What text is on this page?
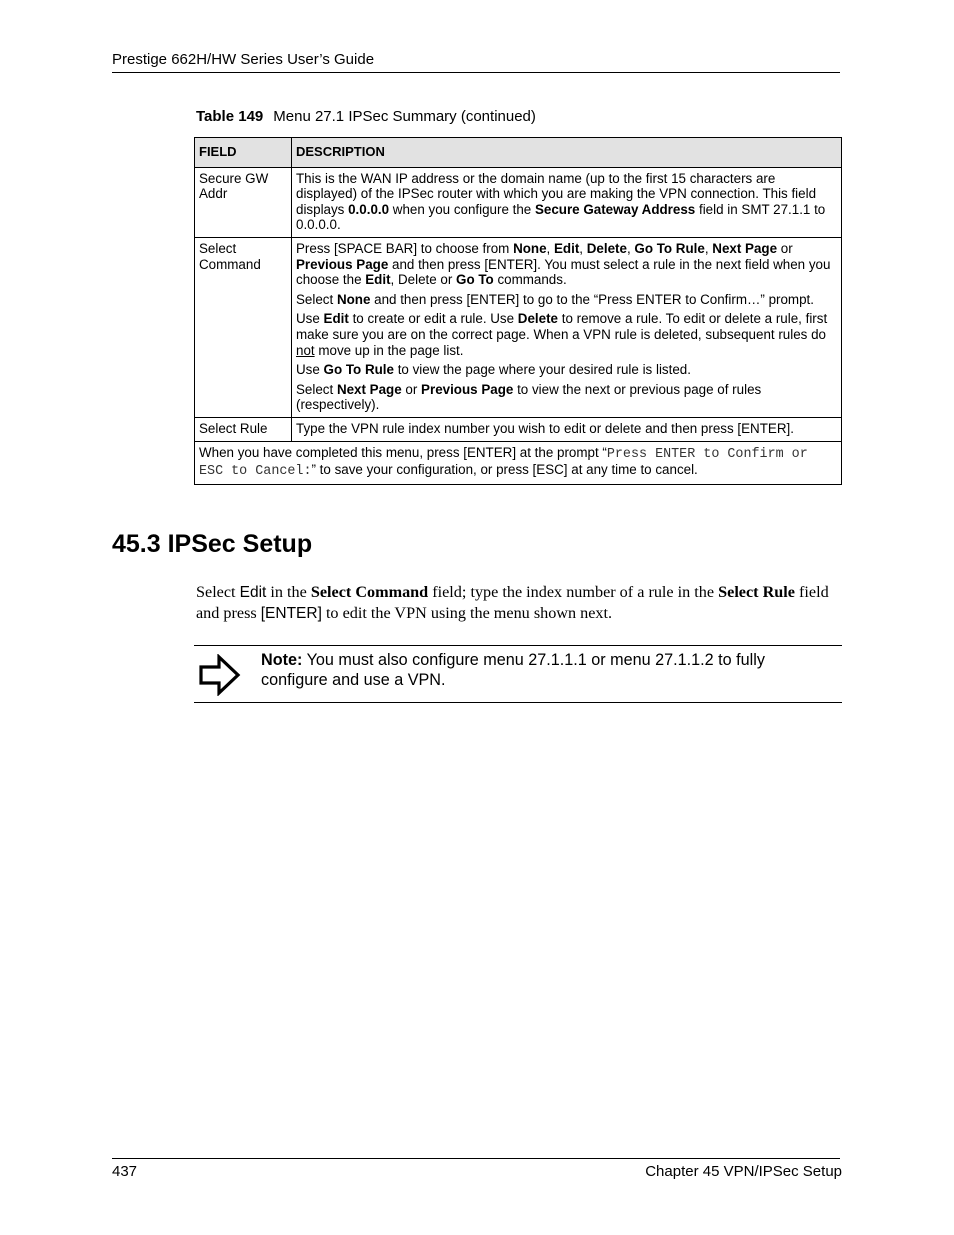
Prestige 662H/HW Series User’s Guide
Table 149 Menu 27.1 IPSec Summary (continued)
FIELD	DESCRIPTION
Secure GW Addr	This is the WAN IP address or the domain name (up to the first 15 characters are displayed) of the IPSec router with which you are making the VPN connection. This field displays 0.0.0.0 when you configure the Secure Gateway Address field in SMT 27.1.1 to 0.0.0.0.

Select Command	Press [SPACE BAR] to choose from None, Edit, Delete, Go To Rule, Next Page or Previous Page and then press [ENTER]. You must select a rule in the next field when you choose the Edit, Delete or Go To commands.

Select None and then press [ENTER] to go to the “Press ENTER to Confirm…” prompt.

Use Edit to create or edit a rule. Use Delete to remove a rule. To edit or delete a rule, first make sure you are on the correct page. When a VPN rule is deleted, subsequent rules do not move up in the page list.

Use Go To Rule to view the page where your desired rule is listed.

Select Next Page or Previous Page to view the next or previous page of rules (respectively).

Select Rule	Type the VPN rule index number you wish to edit or delete and then press [ENTER].
When you have completed this menu, press [ENTER] at the prompt “Press ENTER to Confirm or ESC to Cancel:” to save your configuration, or press [ESC] at any time to cancel.	
45.3 IPSec Setup

Select Edit in the Select Command field; type the index number of a rule in the Select Rule field and press [ENTER] to edit the VPN using the menu shown next.

Note: You must also configure menu 27.1.1.1 or menu 27.1.1.2 to fully configure and use a VPN.
437	Chapter 45 VPN/IPSec Setup
